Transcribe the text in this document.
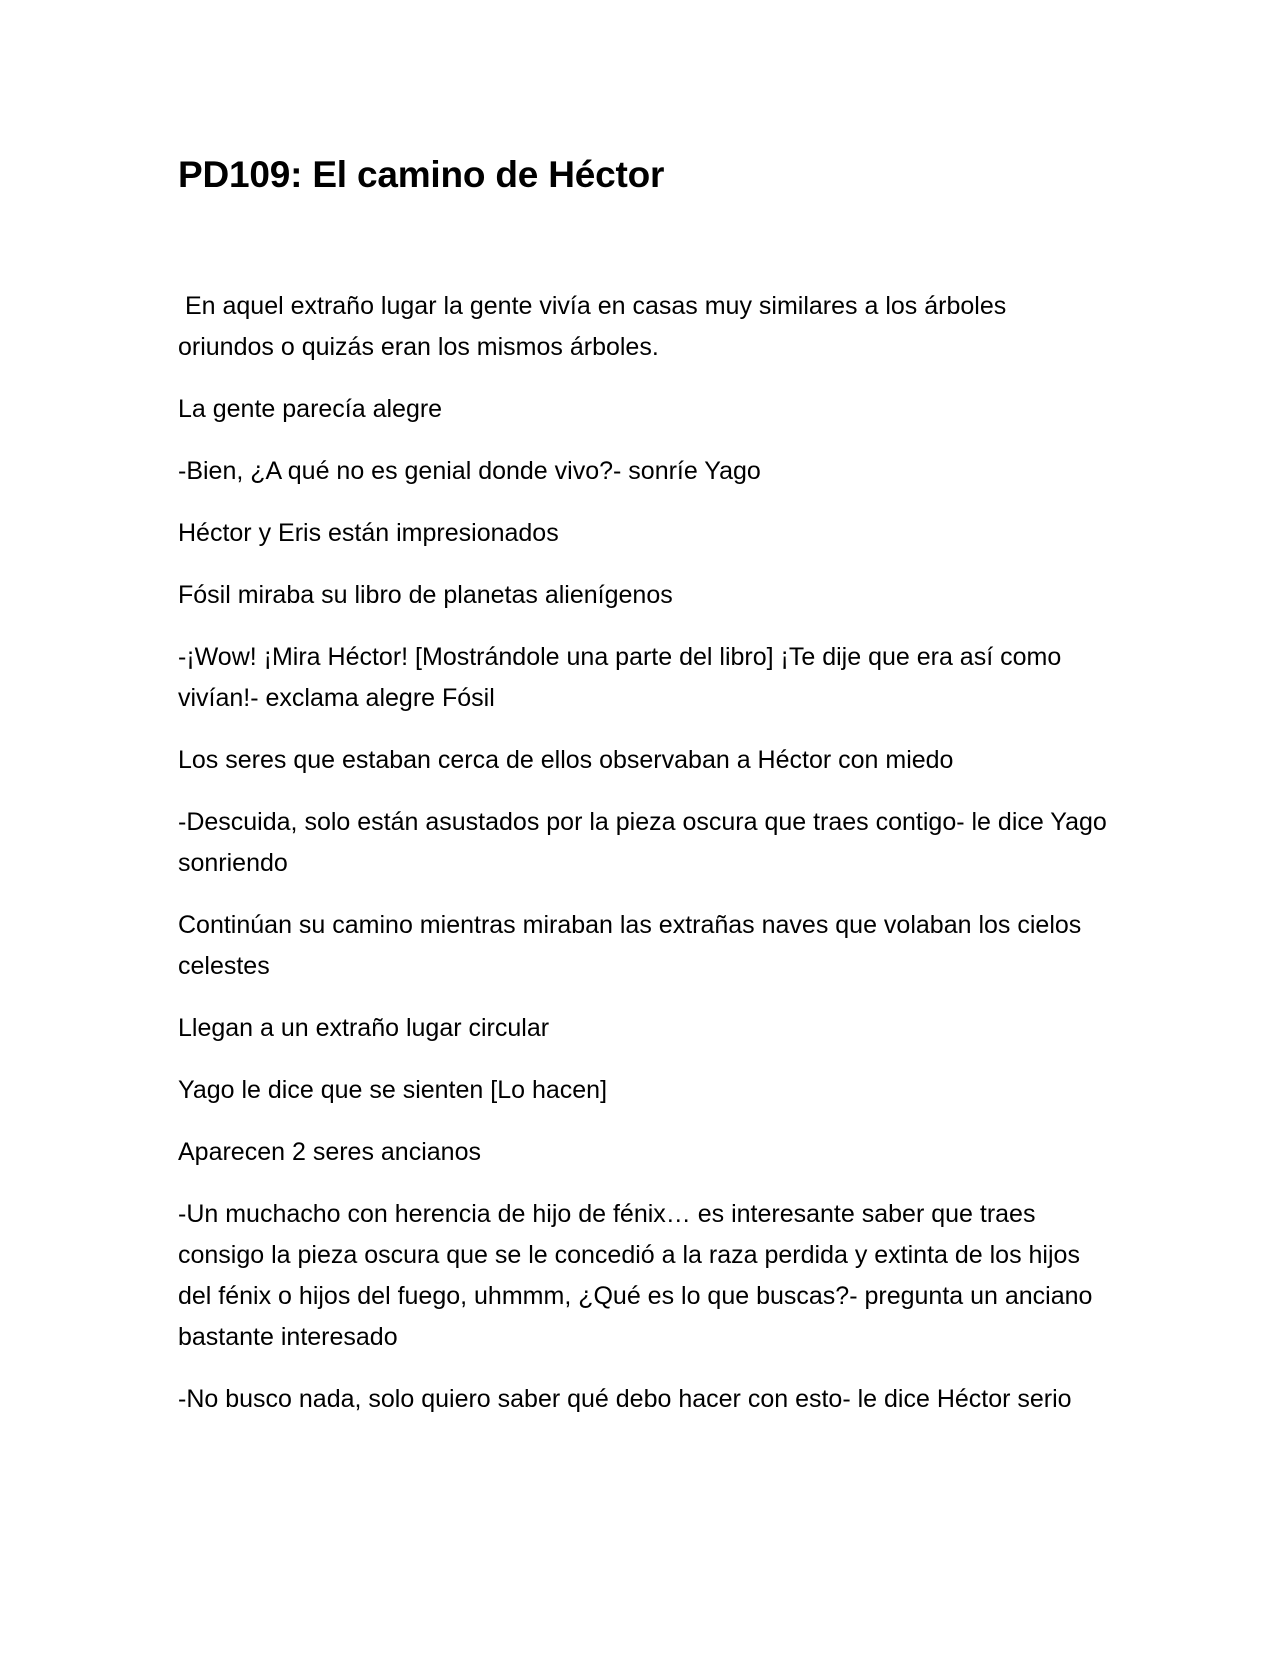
PD109: El camino de Héctor

En aquel extraño lugar la gente vivía en casas muy similares a los árboles oriundos o quizás eran los mismos árboles.

La gente parecía alegre

-Bien, ¿A qué no es genial donde vivo?- sonríe Yago

Héctor y Eris están impresionados

Fósil miraba su libro de planetas alienígenos

-¡Wow! ¡Mira Héctor! [Mostrándole una parte del libro] ¡Te dije que era así como vivían!- exclama alegre Fósil

Los seres que estaban cerca de ellos observaban a Héctor con miedo

-Descuida, solo están asustados por la pieza oscura que traes contigo- le dice Yago sonriendo

Continúan su camino mientras miraban las extrañas naves que volaban los cielos celestes

Llegan a un extraño lugar circular

Yago le dice que se sienten [Lo hacen]

Aparecen 2 seres ancianos

-Un muchacho con herencia de hijo de fénix… es interesante saber que traes consigo la pieza oscura que se le concedió a la raza perdida y extinta de los hijos del fénix o hijos del fuego, uhmmm, ¿Qué es lo que buscas?- pregunta un anciano bastante interesado

-No busco nada, solo quiero saber qué debo hacer con esto- le dice Héctor serio
